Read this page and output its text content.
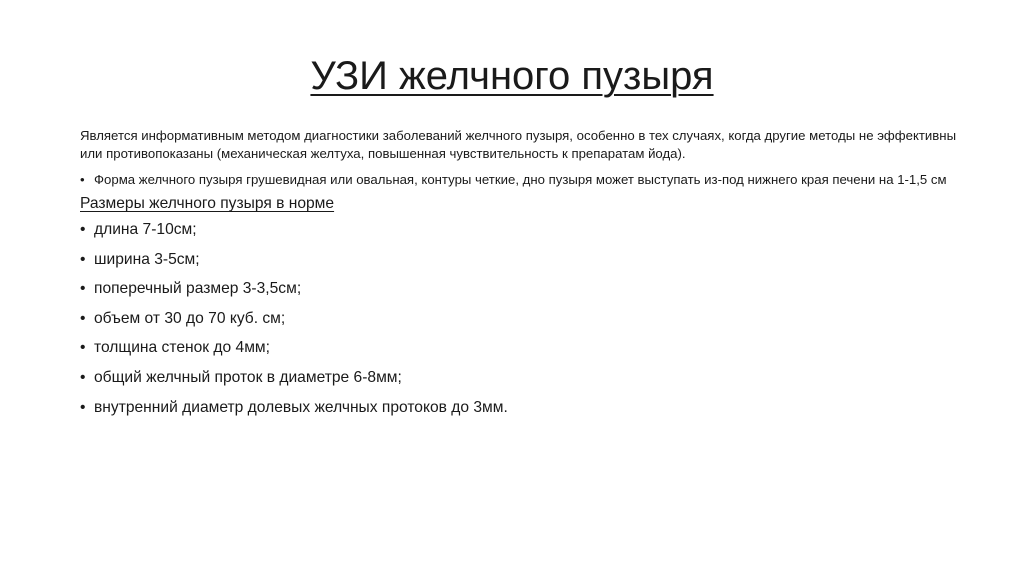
УЗИ желчного пузыря

Является информативным методом диагностики заболеваний желчного пузыря, особенно в тех случаях, когда другие методы не эффективны или противопоказаны (механическая желтуха, повышенная чувствительность к препаратам йода).

• Форма желчного пузыря грушевидная или овальная, контуры четкие, дно пузыря может выступать из-под нижнего края печени на 1-1,5 см
Размеры желчного пузыря в норме
• длина 7-10см;
• ширина 3-5см;
• поперечный размер 3-3,5см;
• объем от 30 до 70 куб. см;
• толщина стенок до 4мм;
• общий желчный проток в диаметре 6-8мм;
• внутренний диаметр долевых желчных протоков до 3мм.
